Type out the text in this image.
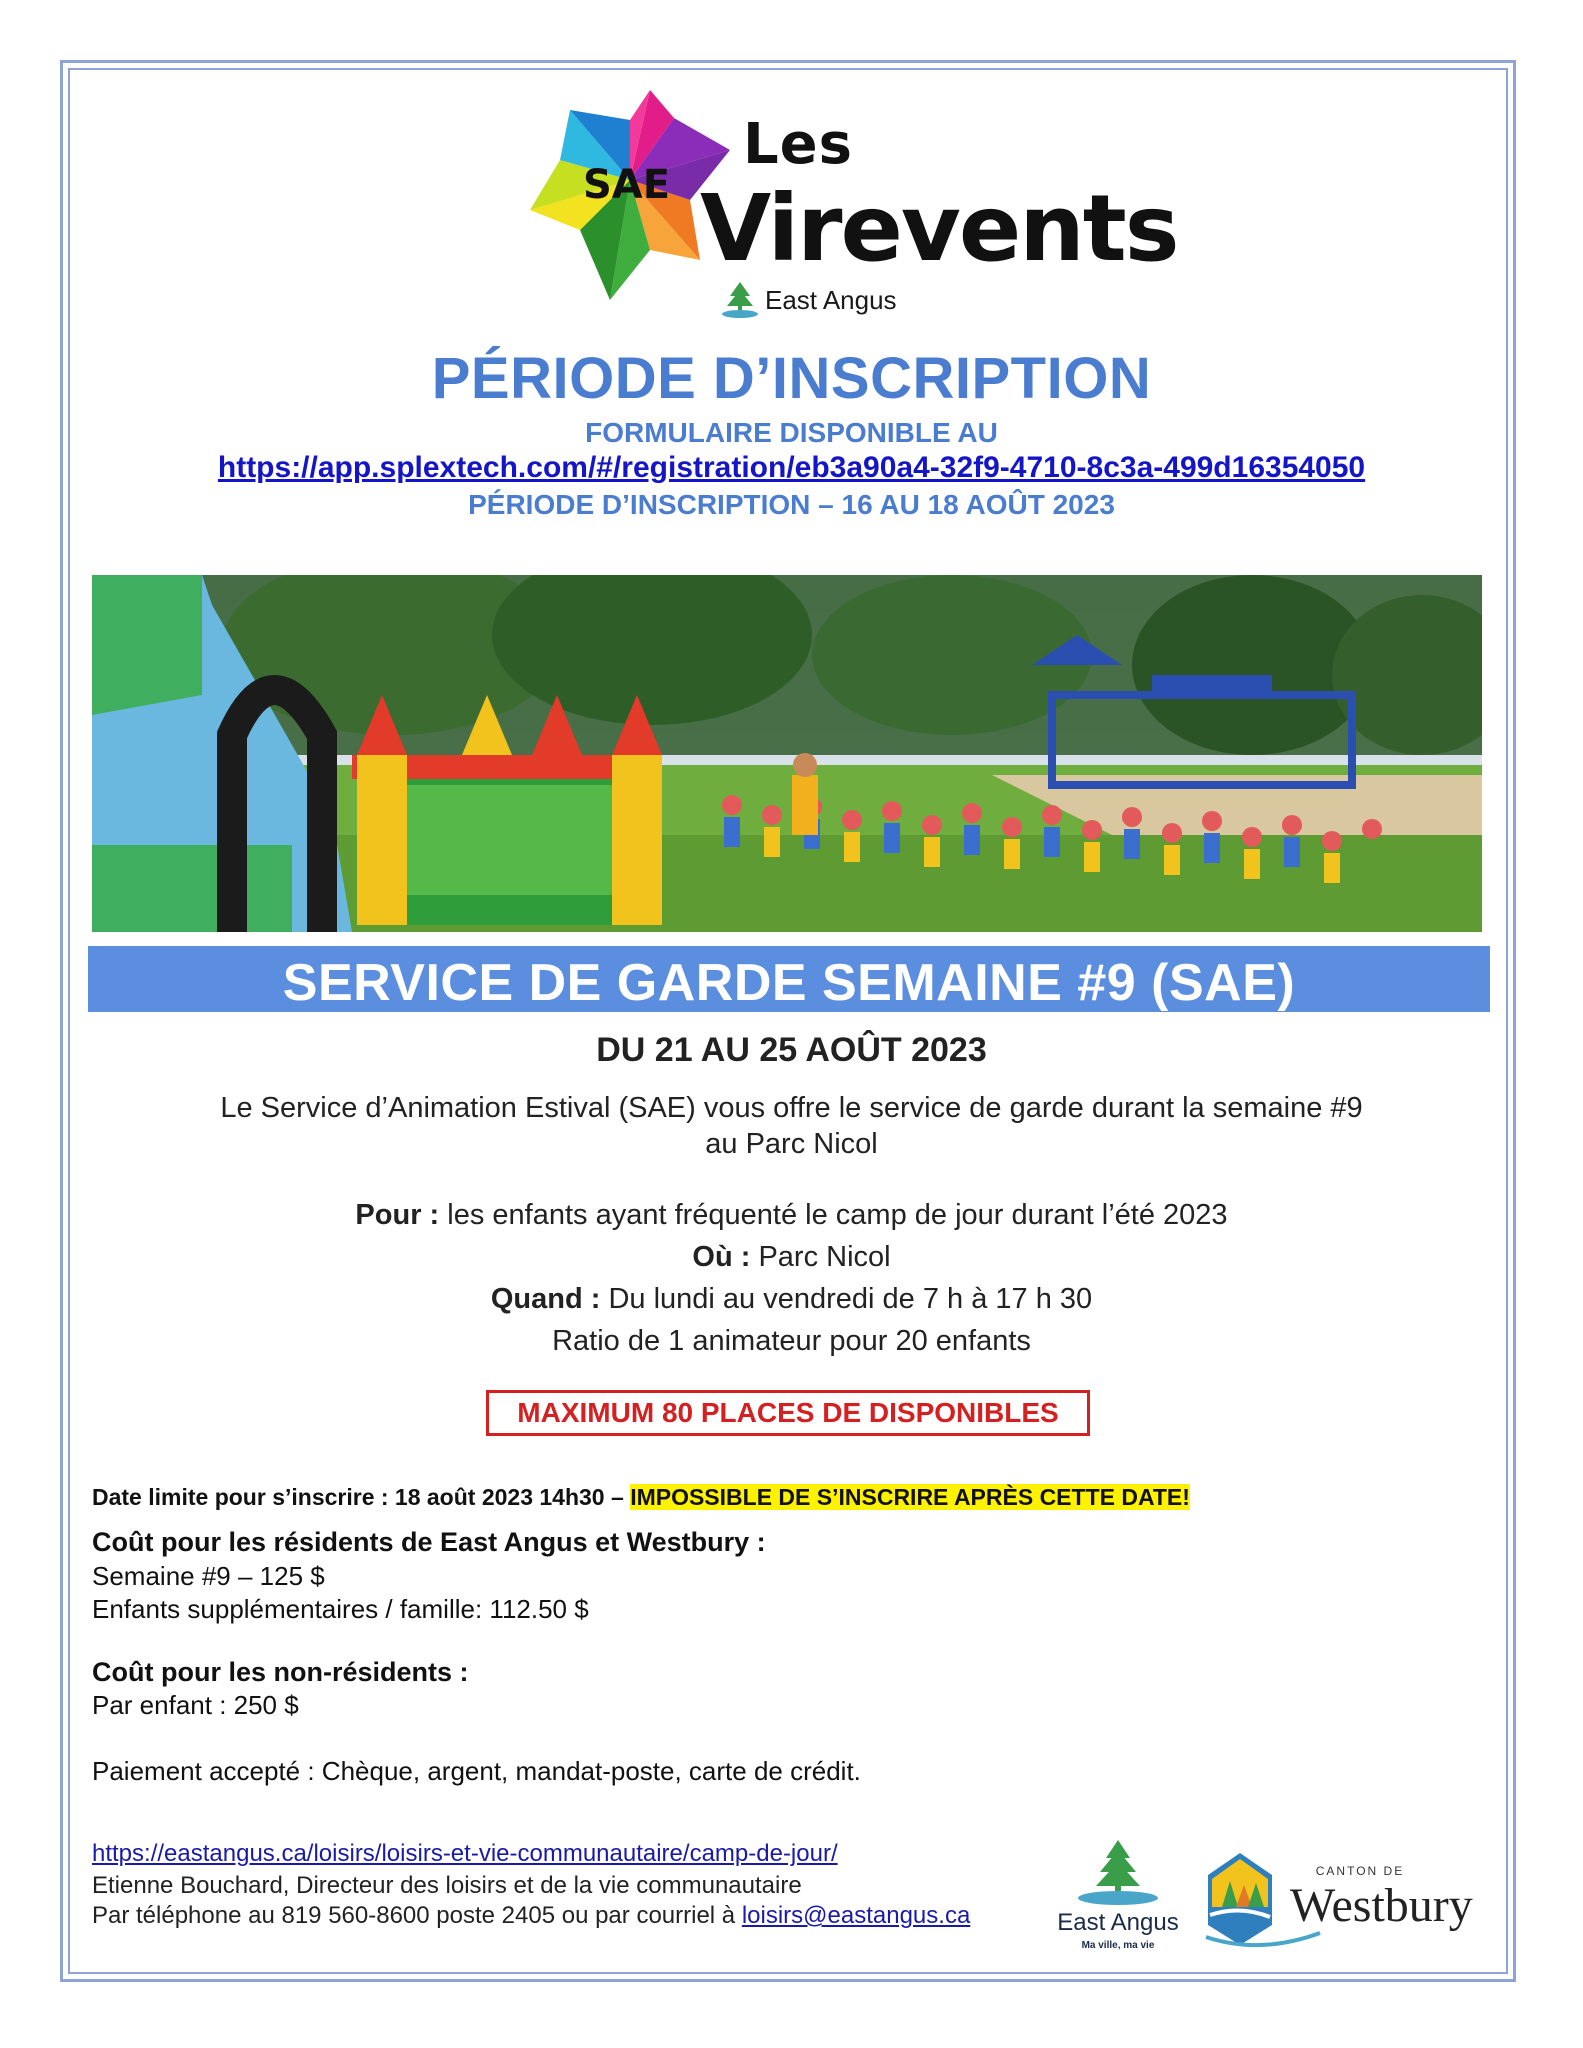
SAE
Les
Virevents
East Angus
PÉRIODE D’INSCRIPTION
FORMULAIRE DISPONIBLE AU
https://app.splextech.com/#/registration/eb3a90a4-32f9-4710-8c3a-499d16354050
PÉRIODE D’INSCRIPTION – 16 AU 18 AOÛT 2023
SERVICE DE GARDE SEMAINE #9 (SAE)
DU 21 AU 25 AOÛT 2023
Le Service d’Animation Estival (SAE) vous offre le service de garde durant la semaine #9
au Parc Nicol
Pour : les enfants ayant fréquenté le camp de jour durant l’été 2023
Où : Parc Nicol
Quand : Du lundi au vendredi de 7 h à 17 h 30
Ratio de 1 animateur pour 20 enfants
MAXIMUM 80 PLACES DE DISPONIBLES
Date limite pour s’inscrire : 18 août 2023 14h30 – IMPOSSIBLE DE S’INSCRIRE APRÈS CETTE DATE!
Coût pour les résidents de East Angus et Westbury :
Semaine #9 – 125 $
Enfants supplémentaires / famille: 112.50 $
Coût pour les non-résidents :
Par enfant : 250 $
Paiement accepté : Chèque, argent, mandat-poste, carte de crédit.
https://eastangus.ca/loisirs/loisirs-et-vie-communautaire/camp-de-jour/
Etienne Bouchard, Directeur des loisirs et de la vie communautaire
Par téléphone au 819 560-8600 poste 2405 ou par courriel à loisirs@eastangus.ca	East Angus
Ma ville, ma vie
CANTON DE
Westbury
